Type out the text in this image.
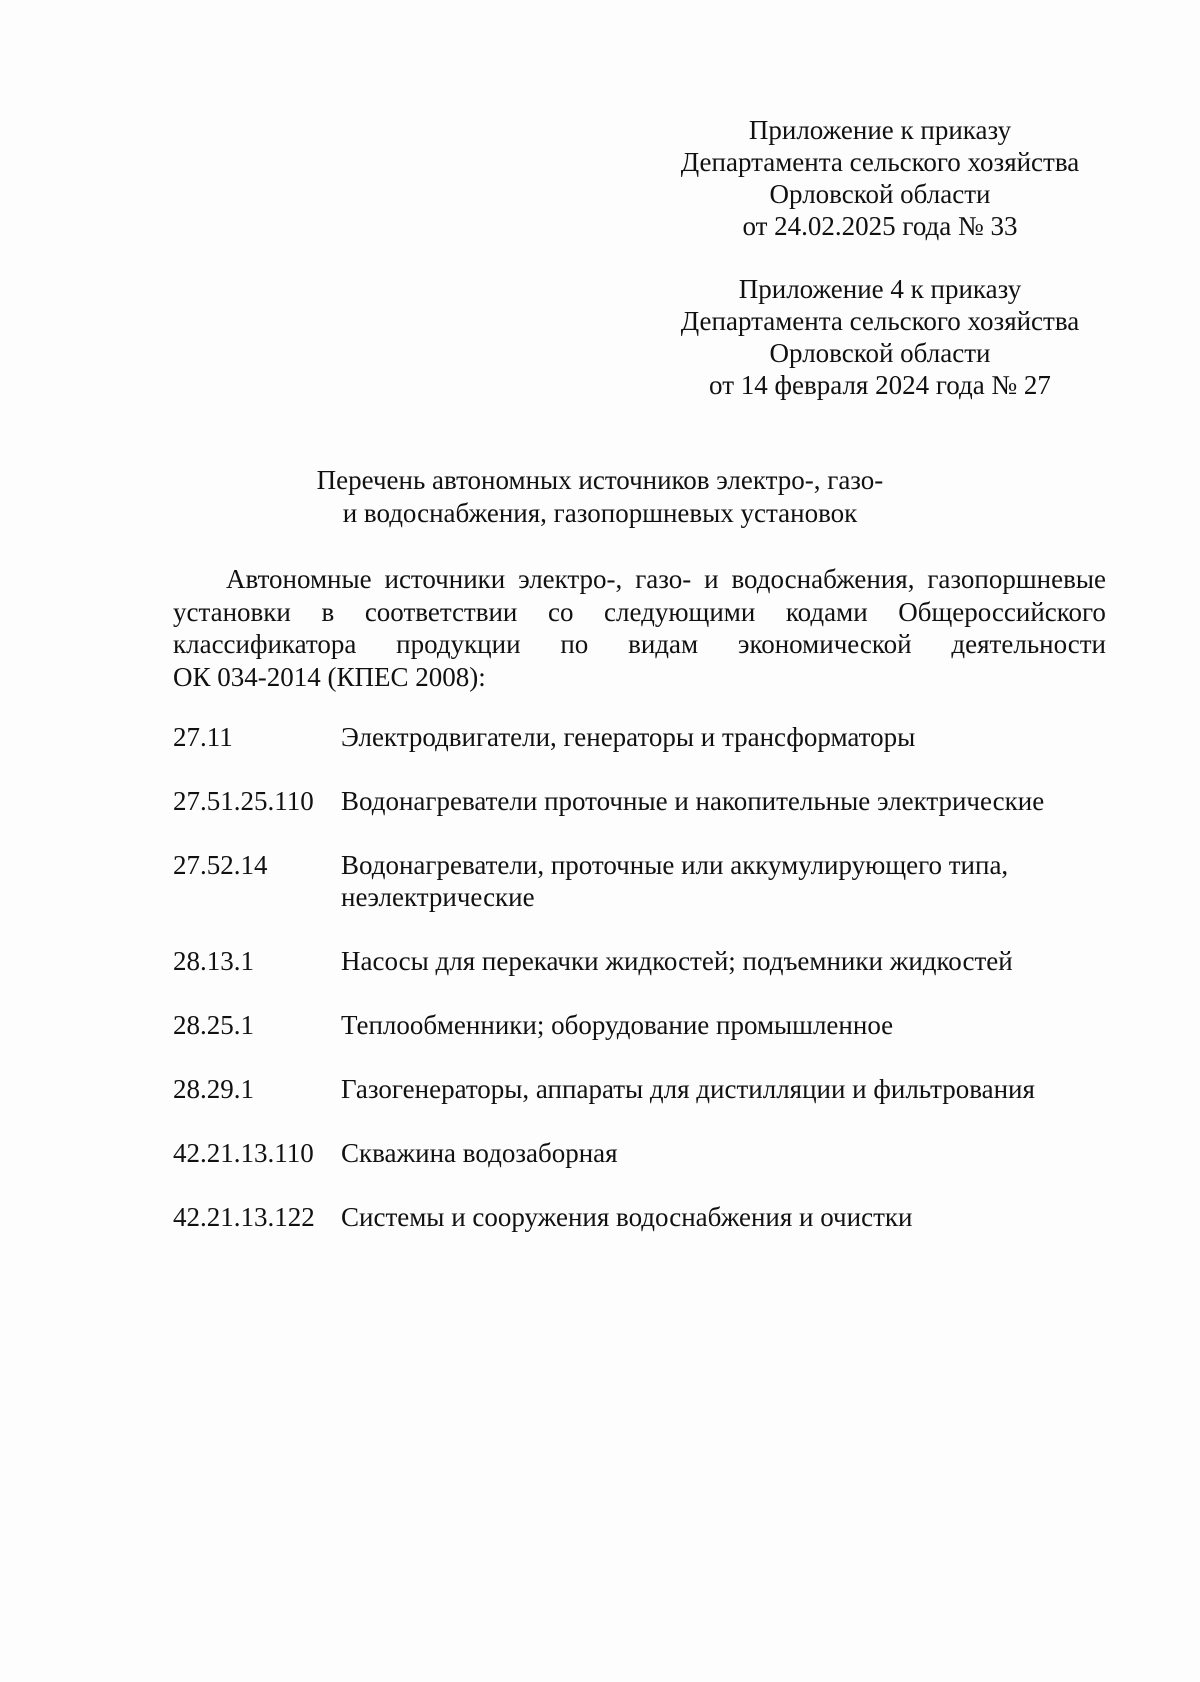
Приложение к приказу
Департамента сельского хозяйства
Орловской области
от 24.02.2025 года № 33
Приложение 4 к приказу
Департамента сельского хозяйства
Орловской области
от 14 февраля 2024 года № 27
Перечень автономных источников электро-, газо-
и водоснабжения, газопоршневых установок
Автономные источники электро-, газо- и водоснабжения, газопоршневые
установки в соответствии со следующими кодами Общероссийского
классификатора продукции по видам экономической деятельности
ОК 034-2014 (КПЕС 2008):
27.11	Электродвигатели, генераторы и трансформаторы
27.51.25.110	Водонагреватели проточные и накопительные электрические
27.52.14	Водонагреватели, проточные или аккумулирующего типа,
неэлектрические
28.13.1	Насосы для перекачки жидкостей; подъемники жидкостей
28.25.1	Теплообменники; оборудование промышленное
28.29.1	Газогенераторы, аппараты для дистилляции и фильтрования
42.21.13.110	Скважина водозаборная
42.21.13.122 Системы и сооружения водоснабжения и очистки
